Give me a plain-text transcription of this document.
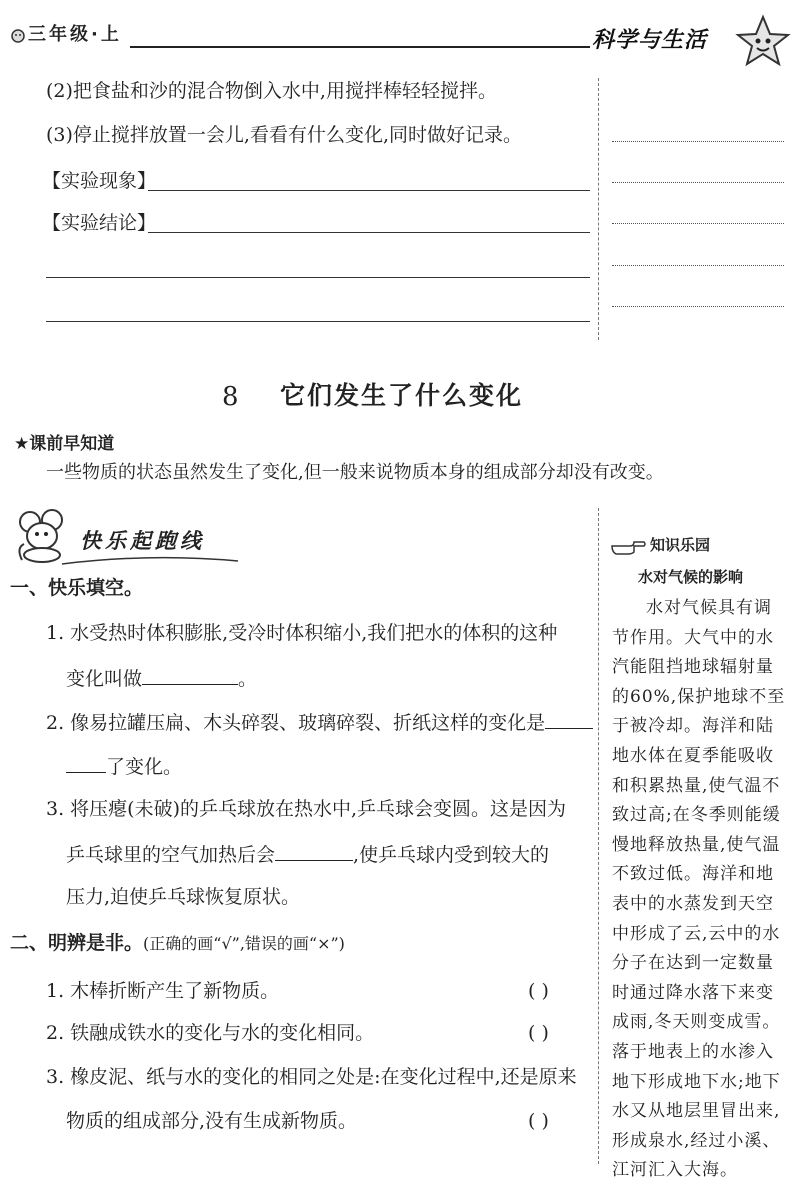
三年级·上	科学与生活
(2)把食盐和沙的混合物倒入水中,用搅拌棒轻轻搅拌。
(3)停止搅拌放置一会儿,看看有什么变化,同时做好记录。
【实验现象】
【实验结论】
8 它们发生了什么变化
★课前早知道
一些物质的状态虽然发生了变化,但一般来说物质本身的组成部分却没有改变。
快乐起跑线
一、快乐填空。
1. 水受热时体积膨胀,受冷时体积缩小,我们把水的体积的这种
变化叫做	。
2. 像易拉罐压扁、木头碎裂、玻璃碎裂、折纸这样的变化是
了变化。
3. 将压瘪(未破)的乒乓球放在热水中,乒乓球会变圆。这是因为
乒乓球里的空气加热后会	,使乒乓球内受到较大的
压力,迫使乒乓球恢复原状。
二、明辨是非。(正确的画“√”,错误的画“×”)
1. 木棒折断产生了新物质。	( )
2. 铁融成铁水的变化与水的变化相同。	( )
3. 橡皮泥、纸与水的变化的相同之处是:在变化过程中,还是原来
物质的组成部分,没有生成新物质。	( )
知识乐园
水对气候的影响
水对气候具有调
节作用。大气中的水
汽能阻挡地球辐射量
的60%,保护地球不至
于被冷却。海洋和陆
地水体在夏季能吸收
和积累热量,使气温不
致过高;在冬季则能缓
慢地释放热量,使气温
不致过低。海洋和地
表中的水蒸发到天空
中形成了云,云中的水
分子在达到一定数量
时通过降水落下来变
成雨,冬天则变成雪。
落于地表上的水渗入
地下形成地下水;地下
水又从地层里冒出来,
形成泉水,经过小溪、
江河汇入大海。
